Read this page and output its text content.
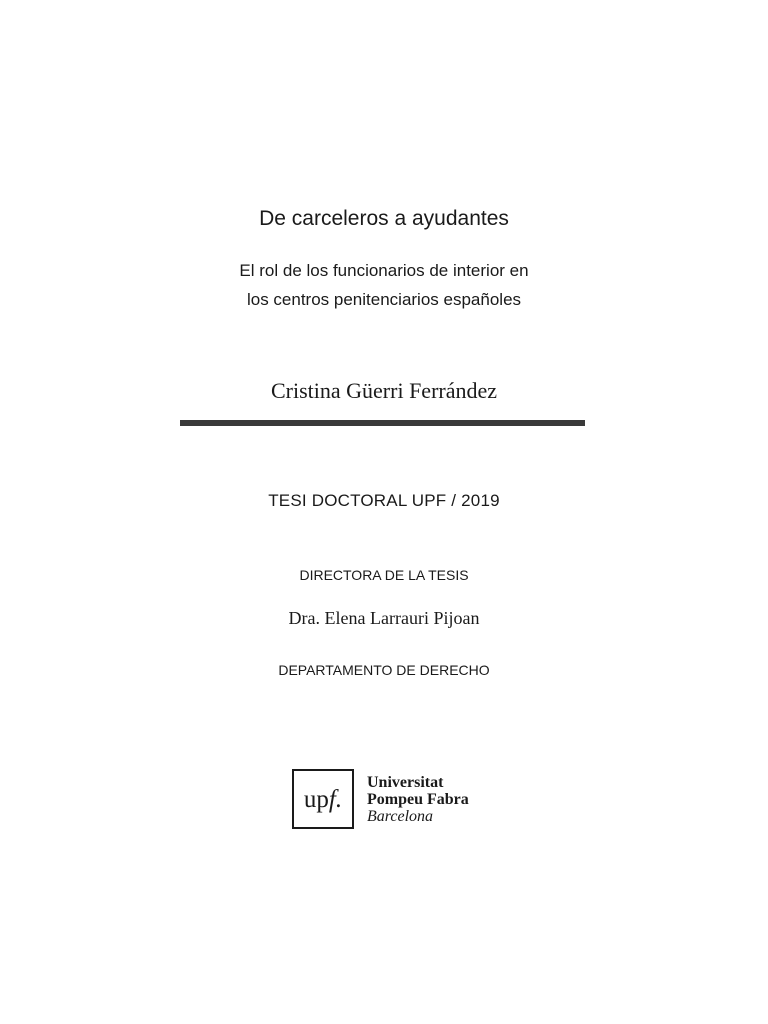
De carceleros a ayudantes
El rol de los funcionarios de interior en
los centros penitenciarios españoles
Cristina Güerri Ferrández
TESI DOCTORAL UPF / 2019
DIRECTORA DE LA TESIS
Dra. Elena Larrauri Pijoan
DEPARTAMENTO DE DERECHO
up f.
Universitat
Pompeu Fabra
Barcelona
